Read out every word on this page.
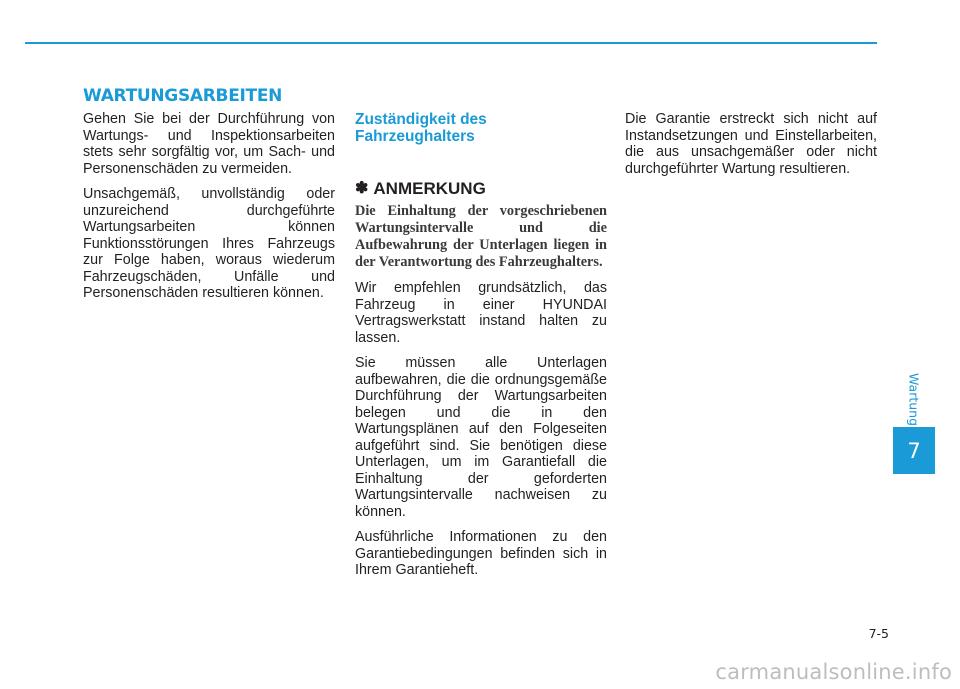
WARTUNGSARBEITEN

Gehen Sie bei der Durchführung von Wartungs- und Inspektionsarbeiten stets sehr sorgfältig vor, um Sach- und Personenschäden zu vermeiden.

Unsachgemäß, unvollständig oder unzureichend durchgeführte Wartungsarbeiten können Funktionsstörungen Ihres Fahrzeugs zur Folge haben, woraus wiederum Fahrzeugschäden, Unfälle und Personenschäden resultieren können.

Zuständigkeit des Fahrzeughalters
✽ ANMERKUNG

Die Einhaltung der vorgeschriebenen Wartungsintervalle und die Aufbewahrung der Unterlagen liegen in der Verantwortung des Fahrzeughalters.

Wir empfehlen grundsätzlich, das Fahrzeug in einer HYUNDAI Vertragswerkstatt instand halten zu lassen.

Sie müssen alle Unterlagen aufbewahren, die die ordnungsgemäße Durchführung der Wartungsarbeiten belegen und die in den Wartungsplänen auf den Folgeseiten aufgeführt sind. Sie benötigen diese Unterlagen, um im Garantiefall die Einhaltung der geforderten Wartungsintervalle nachweisen zu können.

Ausführliche Informationen zu den Garantiebedingungen befinden sich in Ihrem Garantieheft.

Die Garantie erstreckt sich nicht auf Instandsetzungen und Einstellarbeiten, die aus unsachgemäßer oder nicht durchgeführter Wartung resultieren.

Wartung
7
7-5
carmanualsonline.info
